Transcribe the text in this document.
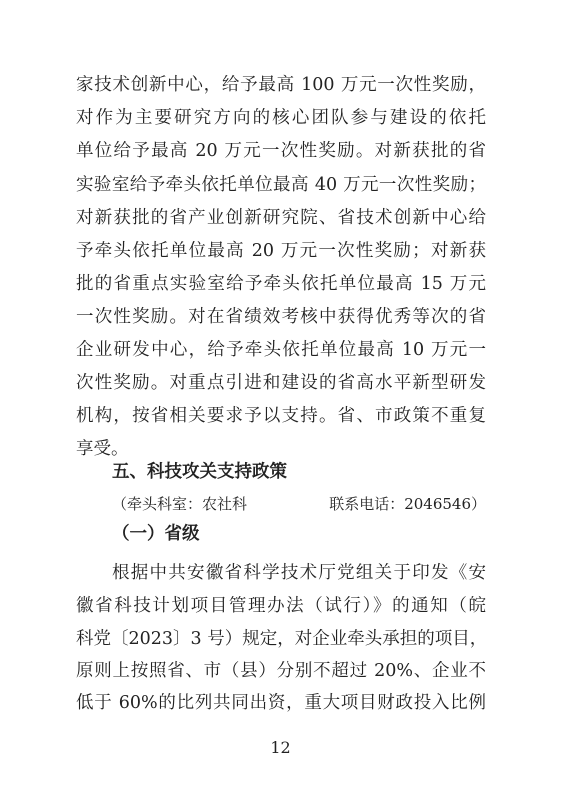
家技术创新中心，给予最高 100 万元一次性奖励，
对作为主要研究方向的核心团队参与建设的依托
单位给予最高 20 万元一次性奖励。对新获批的省
实验室给予牵头依托单位最高 40 万元一次性奖励；
对新获批的省产业创新研究院、省技术创新中心给
予牵头依托单位最高 20 万元一次性奖励；对新获
批的省重点实验室给予牵头依托单位最高 15 万元
一次性奖励。对在省绩效考核中获得优秀等次的省
企业研发中心，给予牵头依托单位最高 10 万元一
次性奖励。对重点引进和建设的省高水平新型研发
机构，按省相关要求予以支持。省、市政策不重复
享受。
五、科技攻关支持政策
（牵头科室：农社科	联系电话：2046546）
（一）省级
根据中共安徽省科学技术厅党组关于印发《安
徽省科技计划项目管理办法（试行）》的通知（皖
科党〔2023〕3 号）规定，对企业牵头承担的项目，
原则上按照省、市（县）分别不超过 20%、企业不
低于 60%的比列共同出资，重大项目财政投入比例
12
